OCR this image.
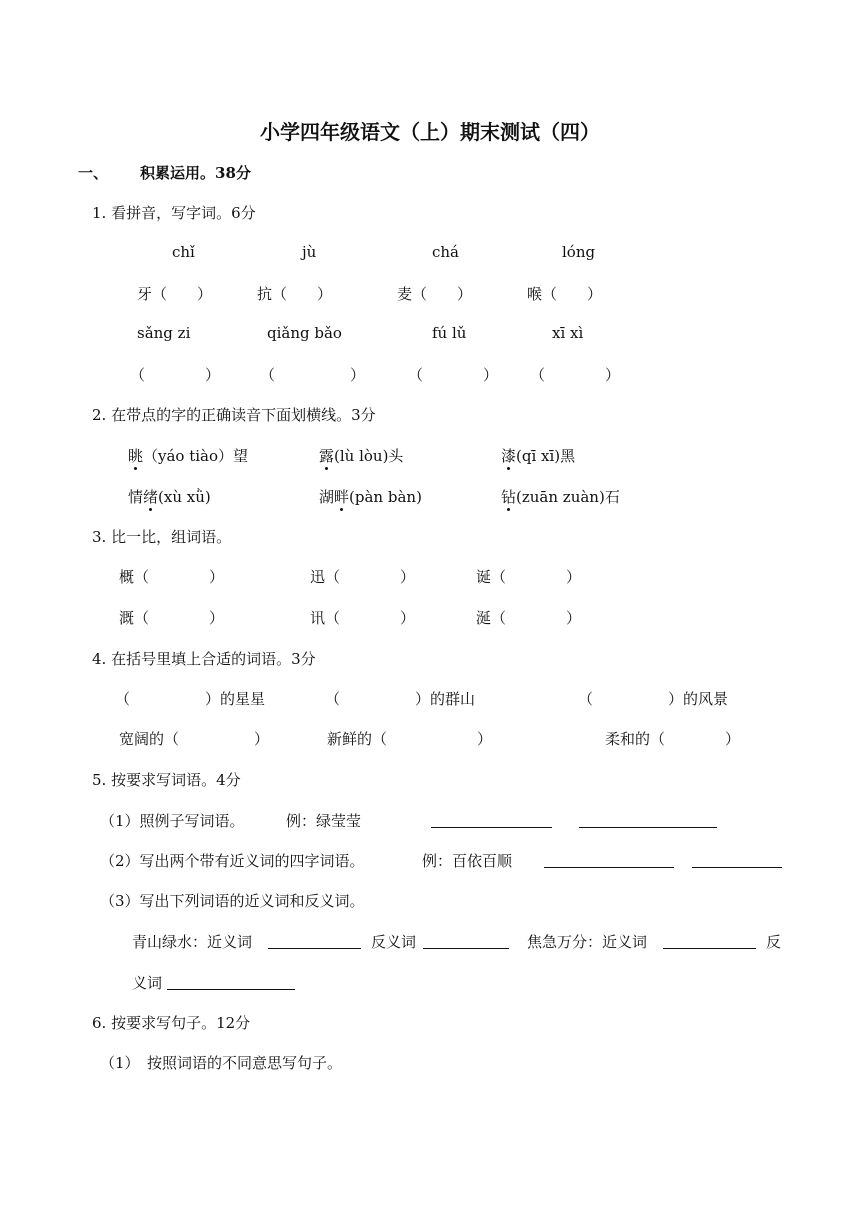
小学四年级语文（上）期末测试（四）
一、 积累运用。38分
1. 看拼音，写字词。6分
chǐ	jù	chá	lóng
牙（　　）	抗（　　）	麦（　　）	喉（　　）
sǎng zi	qiǎng bǎo	fú lǔ	xī xì
（　　　　）	（　　　　　）	（　　　　） （　　　　）
2. 在带点的字的正确读音下面划横线。3分
眺（yáo tiào）望	露(lù lòu)头	漆(qī xī)黑
情绪(xù xǜ)	湖畔(pàn bàn)	钻(zuān zuàn)石
3. 比一比，组词语。
概（　　　　）	迅（　　　　）	诞（　　　　）
溉（　　　　）	讯（　　　　）	涎（　　　　）
4. 在括号里填上合适的词语。3分
（　　　　　）的星星	（　　　　　）的群山	（　　　　　）的风景
宽阔的（　　　　　）	新鲜的（　　　　　　）	柔和的（　　　　）
5. 按要求写词语。4分
（1）照例子写词语。	例：绿莹莹
（2）写出两个带有近义词的四字词语。	例：百依百顺
（3）写出下列词语的近义词和反义词。
青山绿水：近义词	反义词	焦急万分：近义词	反
义词
6. 按要求写句子。12分
（1）　按照词语的不同意思写句子。
